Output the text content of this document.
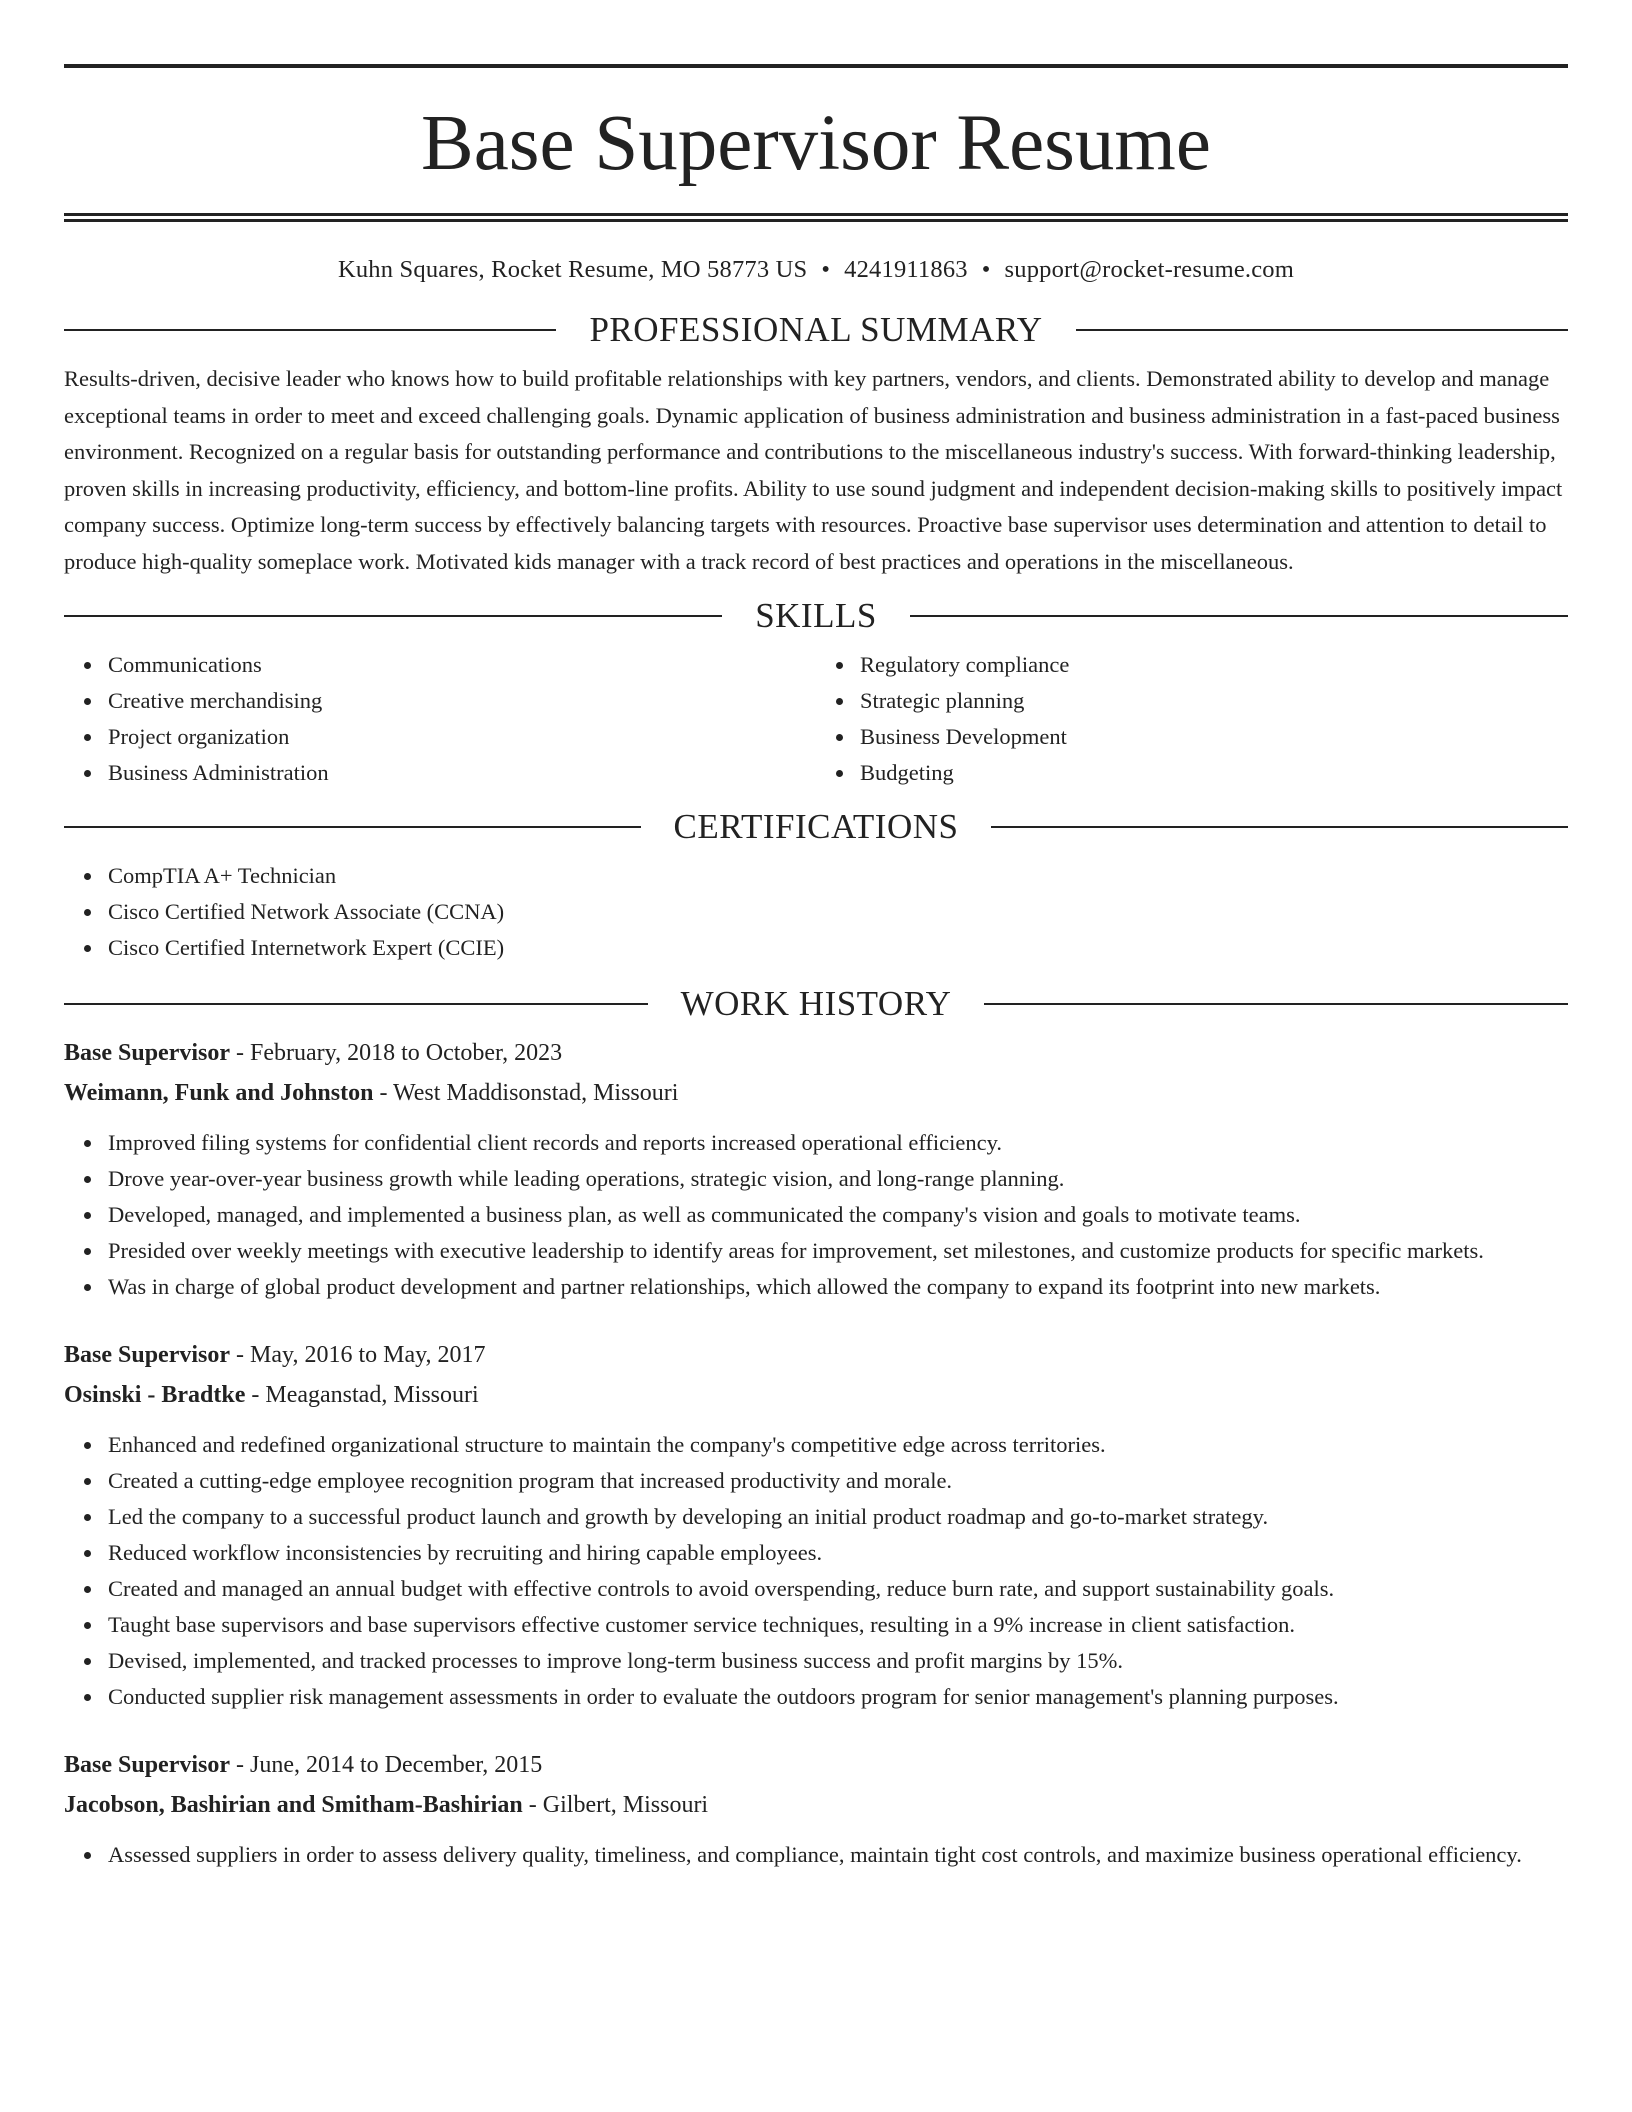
Base Supervisor Resume
Kuhn Squares, Rocket Resume, MO 58773 US • 4241911863 • support@rocket-resume.com
PROFESSIONAL SUMMARY

Results-driven, decisive leader who knows how to build profitable relationships with key partners, vendors, and clients. Demonstrated ability to develop and manage exceptional teams in order to meet and exceed challenging goals. Dynamic application of business administration and business administration in a fast-paced business environment. Recognized on a regular basis for outstanding performance and contributions to the miscellaneous industry's success. With forward-thinking leadership, proven skills in increasing productivity, efficiency, and bottom-line profits. Ability to use sound judgment and independent decision-making skills to positively impact company success. Optimize long-term success by effectively balancing targets with resources. Proactive base supervisor uses determination and attention to detail to produce high-quality someplace work. Motivated kids manager with a track record of best practices and operations in the miscellaneous.

SKILLS
Communications
Creative merchandising
Project organization
Business Administration
Regulatory compliance
Strategic planning
Business Development
Budgeting
CERTIFICATIONS
CompTIA A+ Technician
Cisco Certified Network Associate (CCNA)
Cisco Certified Internetwork Expert (CCIE)
WORK HISTORY
Base Supervisor - February, 2018 to October, 2023
Weimann, Funk and Johnston - West Maddisonstad, Missouri
Improved filing systems for confidential client records and reports increased operational efficiency.
Drove year-over-year business growth while leading operations, strategic vision, and long-range planning.
Developed, managed, and implemented a business plan, as well as communicated the company's vision and goals to motivate teams.
Presided over weekly meetings with executive leadership to identify areas for improvement, set milestones, and customize products for specific markets.
Was in charge of global product development and partner relationships, which allowed the company to expand its footprint into new markets.
Base Supervisor - May, 2016 to May, 2017
Osinski - Bradtke - Meaganstad, Missouri
Enhanced and redefined organizational structure to maintain the company's competitive edge across territories.
Created a cutting-edge employee recognition program that increased productivity and morale.
Led the company to a successful product launch and growth by developing an initial product roadmap and go-to-market strategy.
Reduced workflow inconsistencies by recruiting and hiring capable employees.
Created and managed an annual budget with effective controls to avoid overspending, reduce burn rate, and support sustainability goals.
Taught base supervisors and base supervisors effective customer service techniques, resulting in a 9% increase in client satisfaction.
Devised, implemented, and tracked processes to improve long-term business success and profit margins by 15%.
Conducted supplier risk management assessments in order to evaluate the outdoors program for senior management's planning purposes.
Base Supervisor - June, 2014 to December, 2015
Jacobson, Bashirian and Smitham-Bashirian - Gilbert, Missouri
Assessed suppliers in order to assess delivery quality, timeliness, and compliance, maintain tight cost controls, and maximize business operational efficiency.
